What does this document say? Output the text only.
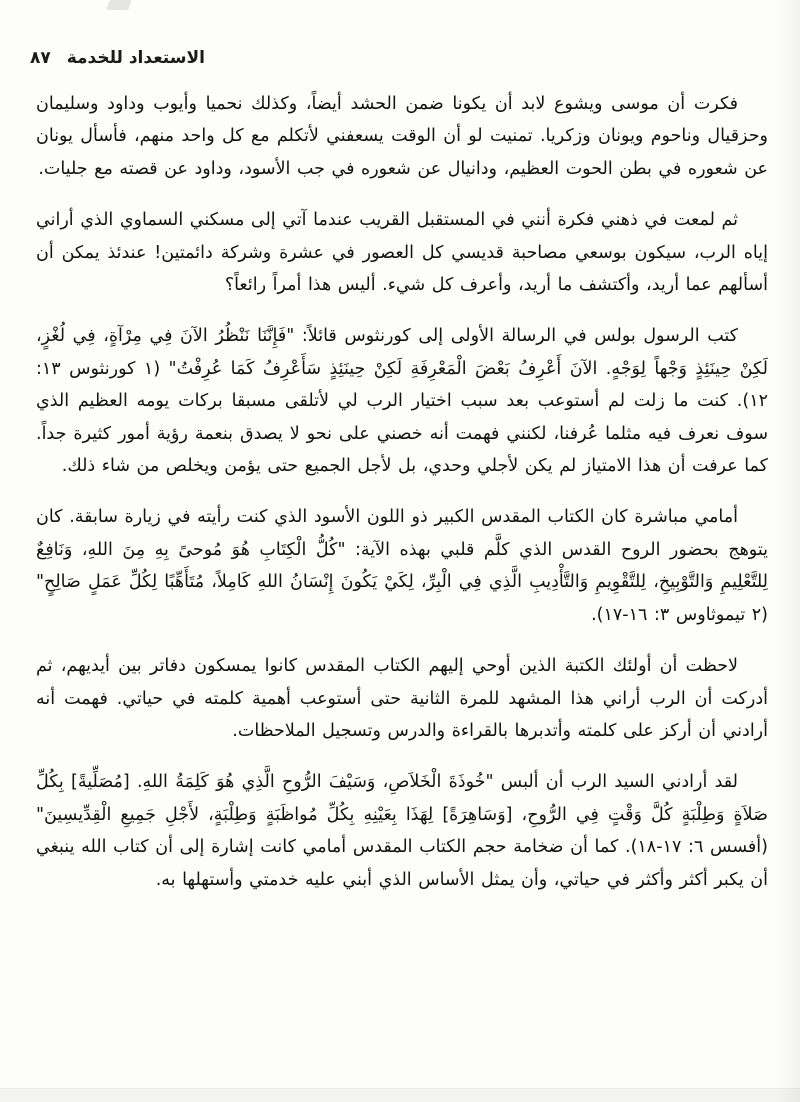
الاستعداد للخدمة ٨٧

فكرت أن موسى ويشوع لابد أن يكونا ضمن الحشد أيضاً، وكذلك نحميا وأيوب وداود وسليمان وحزقيال وناحوم ويونان وزكريا. تمنيت لو أن الوقت يسعفني لأتكلم مع كل واحد منهم، فأسأل يونان عن شعوره في بطن الحوت العظيم، ودانيال عن شعوره في جب الأسود، وداود عن قصته مع جليات.

ثم لمعت في ذهني فكرة أنني في المستقبل القريب عندما آتي إلى مسكني السماوي الذي أراني إياه الرب، سيكون بوسعي مصاحبة قديسي كل العصور في عشرة وشركة دائمتين! عندئذ يمكن أن أسألهم عما أريد، وأكتشف ما أريد، وأعرف كل شيء. أليس هذا أمراً رائعاً؟

كتب الرسول بولس في الرسالة الأولى إلى كورنثوس قائلاً: "فَإِنَّنَا نَنْظُرُ الآنَ فِي مِرْآةٍ، فِي لُغْزٍ، لَكِنْ حِينَئِذٍ وَجْهاً لِوَجْهٍ. الآنَ أَعْرِفُ بَعْضَ الْمَعْرِفَةِ لَكِنْ حِينَئِذٍ سَأَعْرِفُ كَمَا عُرِفْتُ" (١ كورنثوس ١٣: ١٢). كنت ما زلت لم أستوعب بعد سبب اختيار الرب لي لأتلقى مسبقا بركات يومه العظيم الذي سوف نعرف فيه مثلما عُرفنا، لكنني فهمت أنه خصني على نحو لا يصدق بنعمة رؤية أمور كثيرة جداً. كما عرفت أن هذا الامتياز لم يكن لأجلي وحدي، بل لأجل الجميع حتى يؤمن ويخلص من شاء ذلك.

أمامي مباشرة كان الكتاب المقدس الكبير ذو اللون الأسود الذي كنت رأيته في زيارة سابقة. كان يتوهج بحضور الروح القدس الذي كلَّم قلبي بهذه الآية: "كُلُّ الْكِتَابِ هُوَ مُوحىً بِهِ مِنَ اللهِ، وَنَافِعٌ لِلتَّعْلِيمِ وَالتَّوْبِيخِ، لِلتَّقْوِيمِ وَالتَّأْدِيبِ الَّذِي فِي الْبِرِّ، لِكَيْ يَكُونَ إِنْسَانُ اللهِ كَامِلاً، مُتَأَهِّبًا لِكُلِّ عَمَلٍ صَالِحٍ" (٢ تيموثاوس ٣: ١٦-١٧).

لاحظت أن أولئك الكتبة الذين أوحي إليهم الكتاب المقدس كانوا يمسكون دفاتر بين أيديهم، ثم أدركت أن الرب أراني هذا المشهد للمرة الثانية حتى أستوعب أهمية كلمته في حياتي. فهمت أنه أرادني أن أركز على كلمته وأتدبرها بالقراءة والدرس وتسجيل الملاحظات.

لقد أرادني السيد الرب أن ألبس "خُوذَةَ الْخَلاَصِ، وَسَيْفَ الرُّوحِ الَّذِي هُوَ كَلِمَةُ اللهِ. [مُصَلِّيةً] بِكُلِّ صَلاَةٍ وَطِلْبَةٍ كُلَّ وَقْتٍ فِي الرُّوحِ، [وَسَاهِرَةً] لِهَذَا بِعَيْنِهِ بِكُلِّ مُواظَبَةٍ وَطِلْبَةٍ، لأَجْلِ جَمِيعِ الْقِدِّيسِينَ" (أفسس ٦: ١٧-١٨). كما أن ضخامة حجم الكتاب المقدس أمامي كانت إشارة إلى أن كتاب الله ينبغي أن يكبر أكثر وأكثر في حياتي، وأن يمثل الأساس الذي أبني عليه خدمتي وأستهلها به.
